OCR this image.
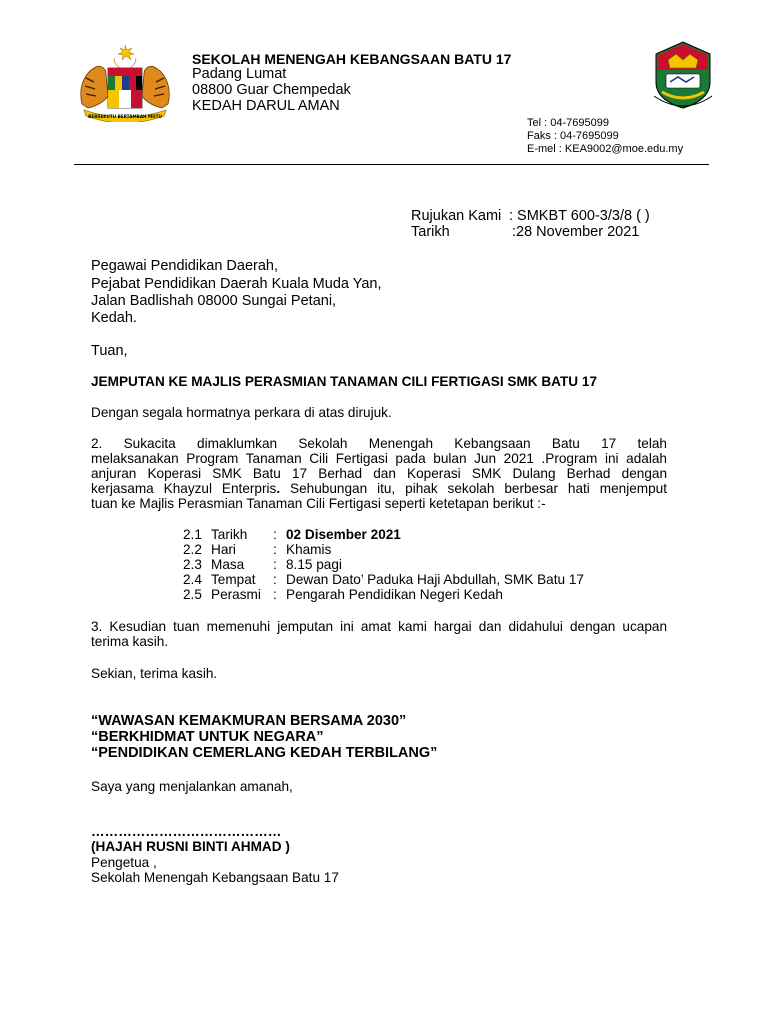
BERSEKUTU BERTAMBAH MUTU
SEKOLAH MENENGAH KEBANGSAAN BATU 17
Padang Lumat
08800 Guar Chempedak
KEDAH DARUL AMAN
Tel : 04-7695099
Faks : 04-7695099
E-mel : KEA9002@moe.edu.my
Rujukan Kami : SMKBT 600-3/3/8 ( )
Tarikh	:28 November 2021
Pegawai Pendidikan Daerah,
Pejabat Pendidikan Daerah Kuala Muda Yan,
Jalan Badlishah 08000 Sungai Petani,
Kedah.
Tuan,
JEMPUTAN KE MAJLIS PERASMIAN TANAMAN CILI FERTIGASI SMK BATU 17
Dengan segala hormatnya perkara di atas dirujuk.
2. Sukacita dimaklumkan Sekolah Menengah Kebangsaan Batu 17 telah
melaksanakan Program Tanaman Cili Fertigasi pada bulan Jun 2021 .Program ini adalah
anjuran Koperasi SMK Batu 17 Berhad dan Koperasi SMK Dulang Berhad dengan
kerjasama Khayzul Enterpris. Sehubungan itu, pihak sekolah berbesar hati menjemput
tuan ke Majlis Perasmian Tanaman Cili Fertigasi seperti ketetapan berikut :-
2.1 Tarikh : 02 Disember 2021
2.2 Hari	: Khamis
2.3 Masa : 8.15 pagi
2.4 Tempat : Dewan Dato’ Paduka Haji Abdullah, SMK Batu 17
2.5 Perasmi : Pengarah Pendidikan Negeri Kedah
3. Kesudian tuan memenuhi jemputan ini amat kami hargai dan didahului dengan ucapan
terima kasih.
Sekian, terima kasih.
“WAWASAN KEMAKMURAN BERSAMA 2030”
“BERKHIDMAT UNTUK NEGARA”
“PENDIDIKAN CEMERLANG KEDAH TERBILANG”
Saya yang menjalankan amanah,
……………………………………
(HAJAH RUSNI BINTI AHMAD )
Pengetua ,
Sekolah Menengah Kebangsaan Batu 17
